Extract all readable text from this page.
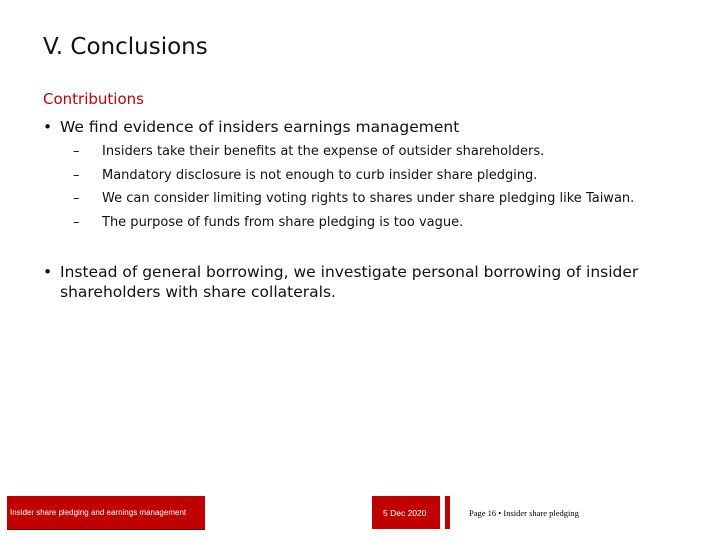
V. Conclusions
Contributions
• We find evidence of insiders earnings management
– Insiders take their benefits at the expense of outsider shareholders.
– Mandatory disclosure is not enough to curb insider share pledging.
– We can consider limiting voting rights to shares under share pledging like Taiwan.
– The purpose of funds from share pledging is too vague.
• Instead of general borrowing, we investigate personal borrowing of insider shareholders with share collaterals.
Insider share pledging and earnings management	5 Dec 2020	Page 16 • Insider share pledging
